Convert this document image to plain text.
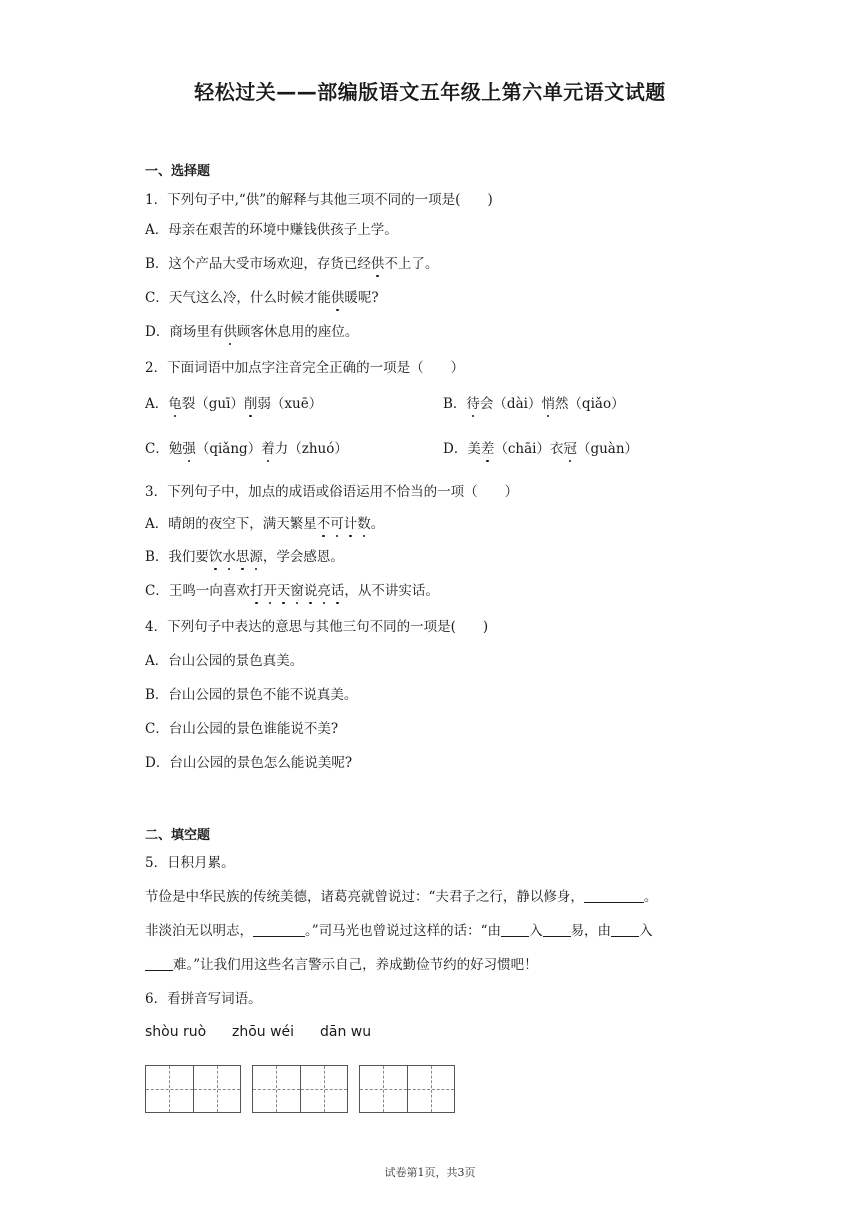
轻松过关——部编版语文五年级上第六单元语文试题
一、选择题
1．下列句子中,“供”的解释与其他三项不同的一项是(　　)
A．母亲在艰苦的环境中赚钱供孩子上学。
B．这个产品大受市场欢迎，存货已经供不上了。
C．天气这么冷，什么时候才能供暖呢?
D．商场里有供顾客休息用的座位。
2．下面词语中加点字注音完全正确的一项是（　　）
A．龟裂（guī）削弱（xuē）	B．待会（dài）悄然（qiǎo）
C．勉强（qiǎng）着力（zhuó）	D．美差（chāi）衣冠（guàn）
3．下列句子中，加点的成语或俗语运用不恰当的一项（　　）
A．晴朗的夜空下，满天繁星不可计数。
B．我们要饮水思源，学会感恩。
C．王鸣一向喜欢打开天窗说亮话，从不讲实话。
4．下列句子中表达的意思与其他三句不同的一项是(　　)
A．台山公园的景色真美。
B．台山公园的景色不能不说真美。
C．台山公园的景色谁能说不美?
D．台山公园的景色怎么能说美呢?
二、填空题
5．日积月累。
节俭是中华民族的传统美德，诸葛亮就曾说过：“夫君子之行，静以修身，	。
非淡泊无以明志，	。”司马光也曾说过这样的话：“由 入 易，由 入
难。”让我们用这些名言警示自己，养成勤俭节约的好习惯吧！
6．看拼音写词语。
shòu ruò zhōu wéi dān wu
试卷第1页，共3页
